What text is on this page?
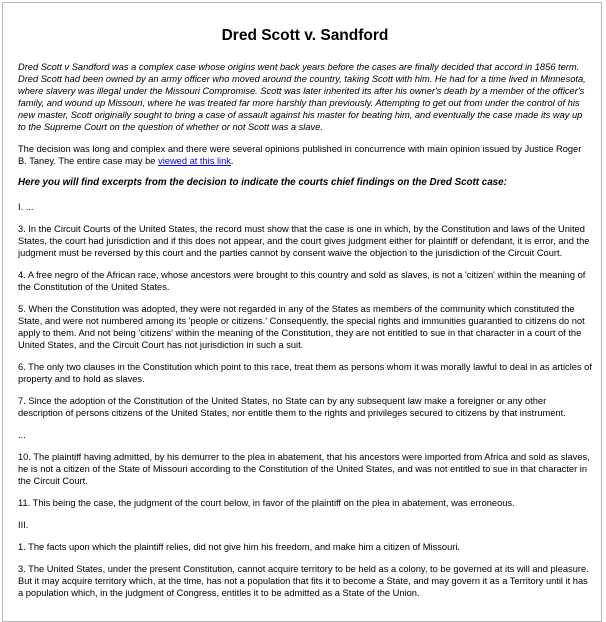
Dred Scott v. Sandford

Dred Scott v Sandford was a complex case whose origins went back years before the cases are finally decided that accord in 1856 term. Dred Scott had been owned by an army officer who moved around the country, taking Scott with him. He had for a time lived in Minnesota, where slavery was illegal under the Missouri Compromise. Scott was later inherited its after his owner's death by a member of the officer's family, and wound up Missouri, where he was treated far more harshly than previously. Attempting to get out from under the control of his new master, Scott originally sought to bring a case of assault against his master for beating him, and eventually the case made its way up to the Supreme Court on the question of whether or not Scott was a slave.

The decision was long and complex and there were several opinions published in concurrence with main opinion issued by Justice Roger B. Taney. The entire case may be viewed at this link.

Here you will find excerpts from the decision to indicate the courts chief findings on the Dred Scott case:

I. ...

3. In the Circuit Courts of the United States, the record must show that the case is one in which, by the Constitution and laws of the United States, the court had jurisdiction and if this does not appear, and the court gives judgment either for plaintiff or defendant, it is error, and the judgment must be reversed by this court and the parties cannot by consent waive the objection to the jurisdiction of the Circuit Court.

4. A free negro of the African race, whose ancestors were brought to this country and sold as slaves, is not a 'citizen' within the meaning of the Constitution of the United States.

5. When the Constitution was adopted, they were not regarded in any of the States as members of the community which constituted the State, and were not numbered among its 'people or citizens.' Consequently, the special rights and immunities guarantied to citizens do not apply to them. And not being 'citizens' within the meaning of the Constitution, they are not entitled to sue in that character in a court of the United States, and the Circuit Court has not jurisdiction in such a suit.

6. The only two clauses in the Constitution which point to this race, treat them as persons whom it was morally lawful to deal in as articles of property and to hold as slaves.

7. Since the adoption of the Constitution of the United States, no State can by any subsequent law make a foreigner or any other description of persons citizens of the United States, nor entitle them to the rights and privileges secured to citizens by that instrument.

...

10. The plaintiff having admitted, by his demurrer to the plea in abatement, that his ancestors were imported from Africa and sold as slaves, he is not a citizen of the State of Missouri according to the Constitution of the United States, and was not entitled to sue in that character in the Circuit Court.

11. This being the case, the judgment of the court below, in favor of the plaintiff on the plea in abatement, was erroneous.

III.

1. The facts upon which the plaintiff relies, did not give him his freedom, and make him a citizen of Missouri.

3. The United States, under the present Constitution, cannot acquire territory to be held as a colony, to be governed at its will and pleasure. But it may acquire territory which, at the time, has not a population that fits it to become a State, and may govern it as a Territory until it has a population which, in the judgment of Congress, entitles it to be admitted as a State of the Union.
